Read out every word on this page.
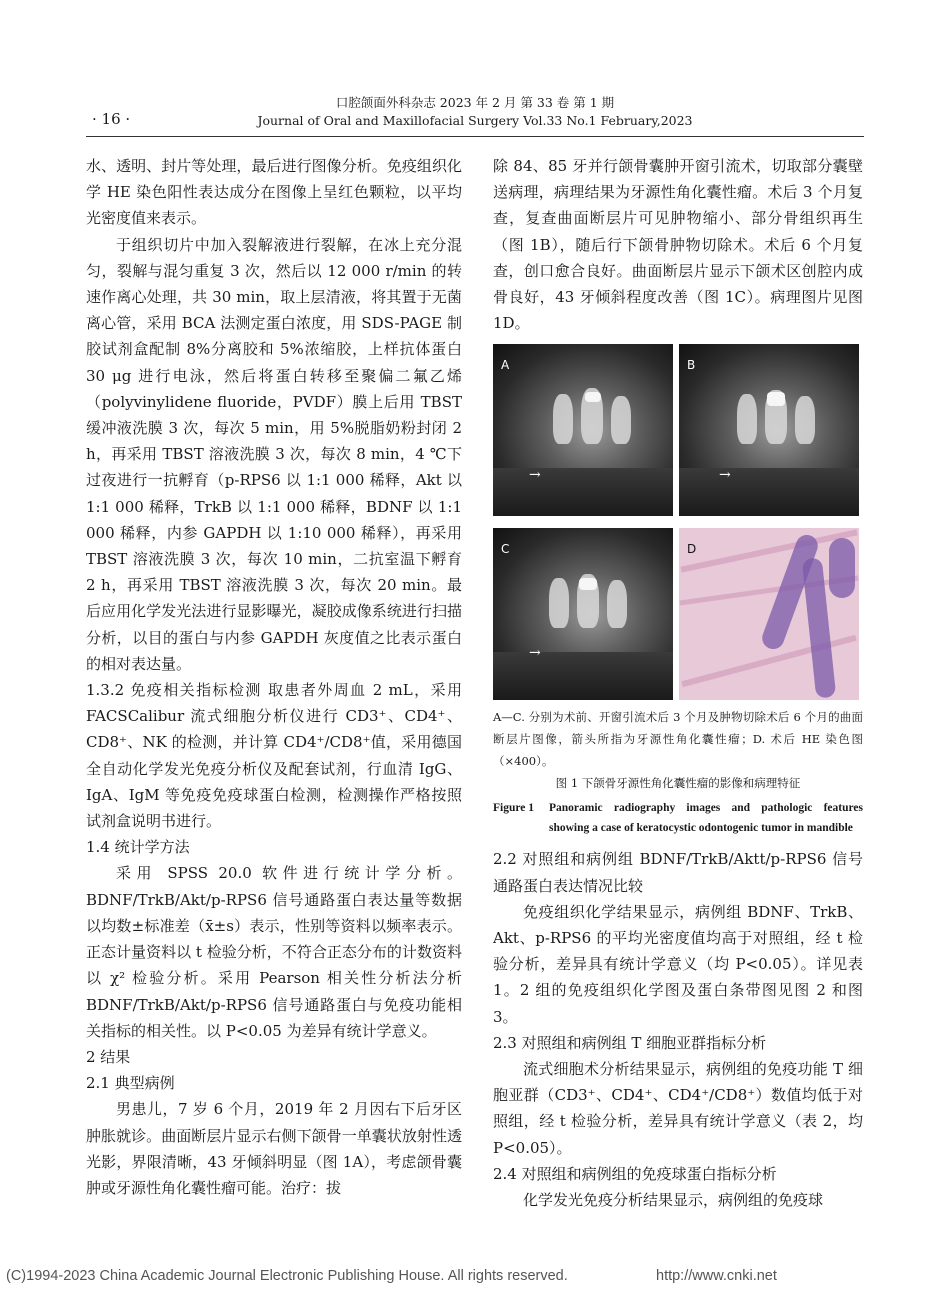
· 16 ·
口腔颌面外科杂志 2023 年 2 月 第 33 卷 第 1 期
Journal of Oral and Maxillofacial Surgery Vol.33 No.1 February,2023

水、透明、封片等处理，最后进行图像分析。免疫组织化学 HE 染色阳性表达成分在图像上呈红色颗粒，以平均光密度值来表示。

于组织切片中加入裂解液进行裂解，在冰上充分混匀，裂解与混匀重复 3 次，然后以 12 000 r/min 的转速作离心处理，共 30 min，取上层清液，将其置于无菌离心管，采用 BCA 法测定蛋白浓度，用 SDS-PAGE 制胶试剂盒配制 8%分离胶和 5%浓缩胶，上样抗体蛋白 30 μg 进行电泳，然后将蛋白转移至聚偏二氟乙烯（polyvinylidene fluoride，PVDF）膜上后用 TBST 缓冲液洗膜 3 次，每次 5 min，用 5%脱脂奶粉封闭 2 h，再采用 TBST 溶液洗膜 3 次，每次 8 min，4 ℃下过夜进行一抗孵育（p-RPS6 以 1:1 000 稀释，Akt 以 1:1 000 稀释，TrkB 以 1:1 000 稀释，BDNF 以 1:1 000 稀释，内参 GAPDH 以 1:10 000 稀释），再采用 TBST 溶液洗膜 3 次，每次 10 min，二抗室温下孵育 2 h，再采用 TBST 溶液洗膜 3 次，每次 20 min。最后应用化学发光法进行显影曝光，凝胶成像系统进行扫描分析，以目的蛋白与内参 GAPDH 灰度值之比表示蛋白的相对表达量。

1.3.2 免疫相关指标检测 取患者外周血 2 mL，采用 FACSCalibur 流式细胞分析仪进行 CD3⁺、CD4⁺、CD8⁺、NK 的检测，并计算 CD4⁺/CD8⁺值，采用德国全自动化学发光免疫分析仪及配套试剂，行血清 IgG、IgA、IgM 等免疫免疫球蛋白检测，检测操作严格按照试剂盒说明书进行。

1.4 统计学方法

采用 SPSS 20.0 软件进行统计学分析。BDNF/TrkB/Akt/p-RPS6 信号通路蛋白表达量等数据以均数±标准差（x̄±s）表示，性别等资料以频率表示。正态计量资料以 t 检验分析，不符合正态分布的计数资料以 χ² 检验分析。采用 Pearson 相关性分析法分析 BDNF/TrkB/Akt/p-RPS6 信号通路蛋白与免疫功能相关指标的相关性。以 P<0.05 为差异有统计学意义。

2 结果

2.1 典型病例

男患儿，7 岁 6 个月，2019 年 2 月因右下后牙区肿胀就诊。曲面断层片显示右侧下颌骨一单囊状放射性透光影，界限清晰，43 牙倾斜明显（图 1A），考虑颌骨囊肿或牙源性角化囊性瘤可能。治疗：拔

除 84、85 牙并行颌骨囊肿开窗引流术，切取部分囊壁送病理，病理结果为牙源性角化囊性瘤。术后 3 个月复查，复查曲面断层片可见肿物缩小、部分骨组织再生（图 1B），随后行下颌骨肿物切除术。术后 6 个月复查，创口愈合良好。曲面断层片显示下颌术区创腔内成骨良好，43 牙倾斜程度改善（图 1C）。病理图片见图 1D。

A
→
B
→
C
→
D

A—C. 分别为术前、开窗引流术后 3 个月及肿物切除术后 6 个月的曲面断层片图像，箭头所指为牙源性角化囊性瘤；D. 术后 HE 染色图（×400）。

图 1 下颌骨牙源性角化囊性瘤的影像和病理特征

Figure 1	Panoramic radiography images and pathologic features showing a case of keratocystic odontogenic tumor in mandible

2.2 对照组和病例组 BDNF/TrkB/Aktt/p-RPS6 信号通路蛋白表达情况比较

免疫组织化学结果显示，病例组 BDNF、TrkB、Akt、p-RPS6 的平均光密度值均高于对照组，经 t 检验分析，差异具有统计学意义（均 P<0.05）。详见表 1。2 组的免疫组织化学图及蛋白条带图见图 2 和图 3。

2.3 对照组和病例组 T 细胞亚群指标分析

流式细胞术分析结果显示，病例组的免疫功能 T 细胞亚群（CD3⁺、CD4⁺、CD4⁺/CD8⁺）数值均低于对照组，经 t 检验分析，差异具有统计学意义（表 2，均 P<0.05）。

2.4 对照组和病例组的免疫球蛋白指标分析

化学发光免疫分析结果显示，病例组的免疫球

(C)1994-2023 China Academic Journal Electronic Publishing House. All rights reserved.	http://www.cnki.net
